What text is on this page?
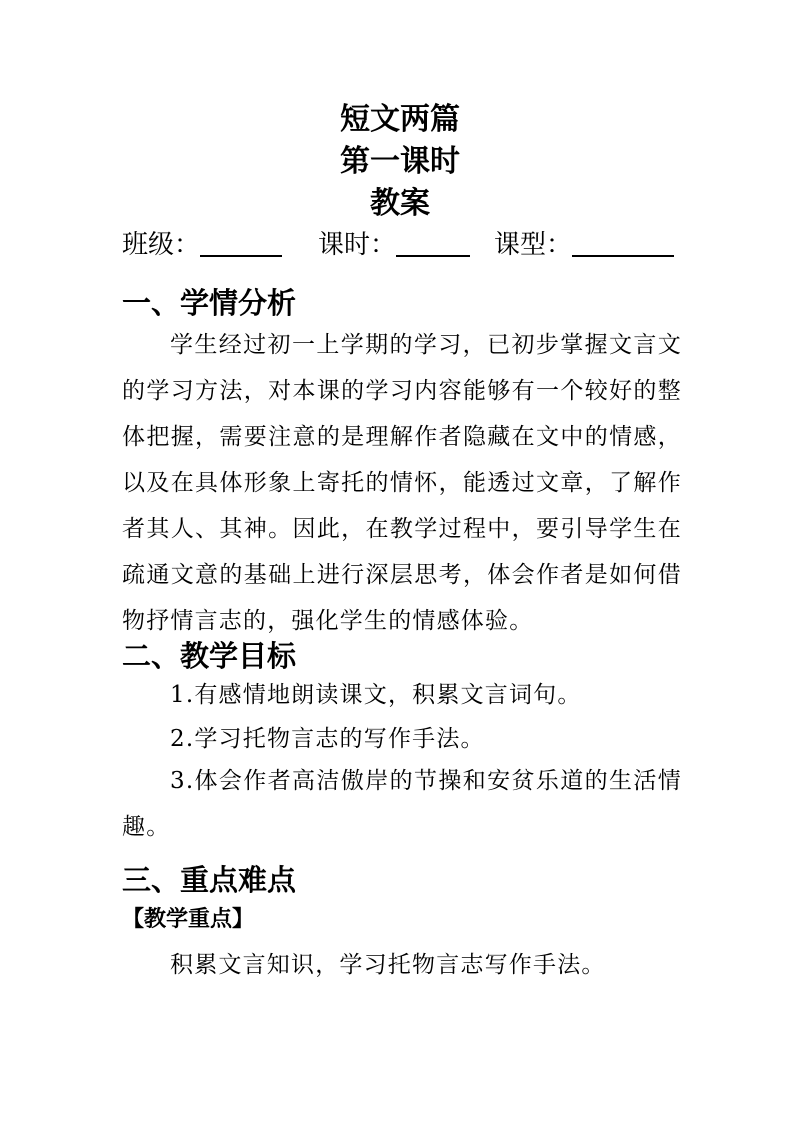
短文两篇
第一课时
教案
班级：	课时：	课型：
一、学情分析
学生经过初一上学期的学习，已初步掌握文言文的学习方法，对本课的学习内容能够有一个较好的整体把握，需要注意的是理解作者隐藏在文中的情感，以及在具体形象上寄托的情怀，能透过文章，了解作者其人、其神。因此，在教学过程中，要引导学生在疏通文意的基础上进行深层思考，体会作者是如何借物抒情言志的，强化学生的情感体验。
二、教学目标
1.有感情地朗读课文，积累文言词句。
2.学习托物言志的写作手法。
3.体会作者高洁傲岸的节操和安贫乐道的生活情趣。
三、重点难点
【教学重点】
积累文言知识，学习托物言志写作手法。
